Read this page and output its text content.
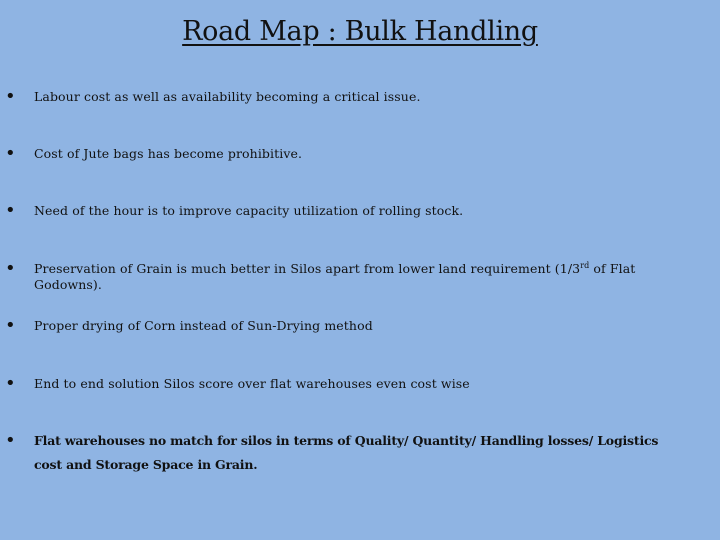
Road Map : Bulk Handling
• Labour cost as well as availability becoming a critical issue.
• Cost of Jute bags has become prohibitive.
• Need of the hour is to improve capacity utilization of rolling stock.
• Preservation of Grain is much better in Silos apart from lower land requirement (1/3rd of Flat Godowns).
• Proper drying of Corn instead of Sun-Drying method
• End to end solution Silos score over flat warehouses even cost wise
• Flat warehouses no match for silos in terms of Quality/ Quantity/ Handling losses/ Logistics cost and Storage Space in Grain.
